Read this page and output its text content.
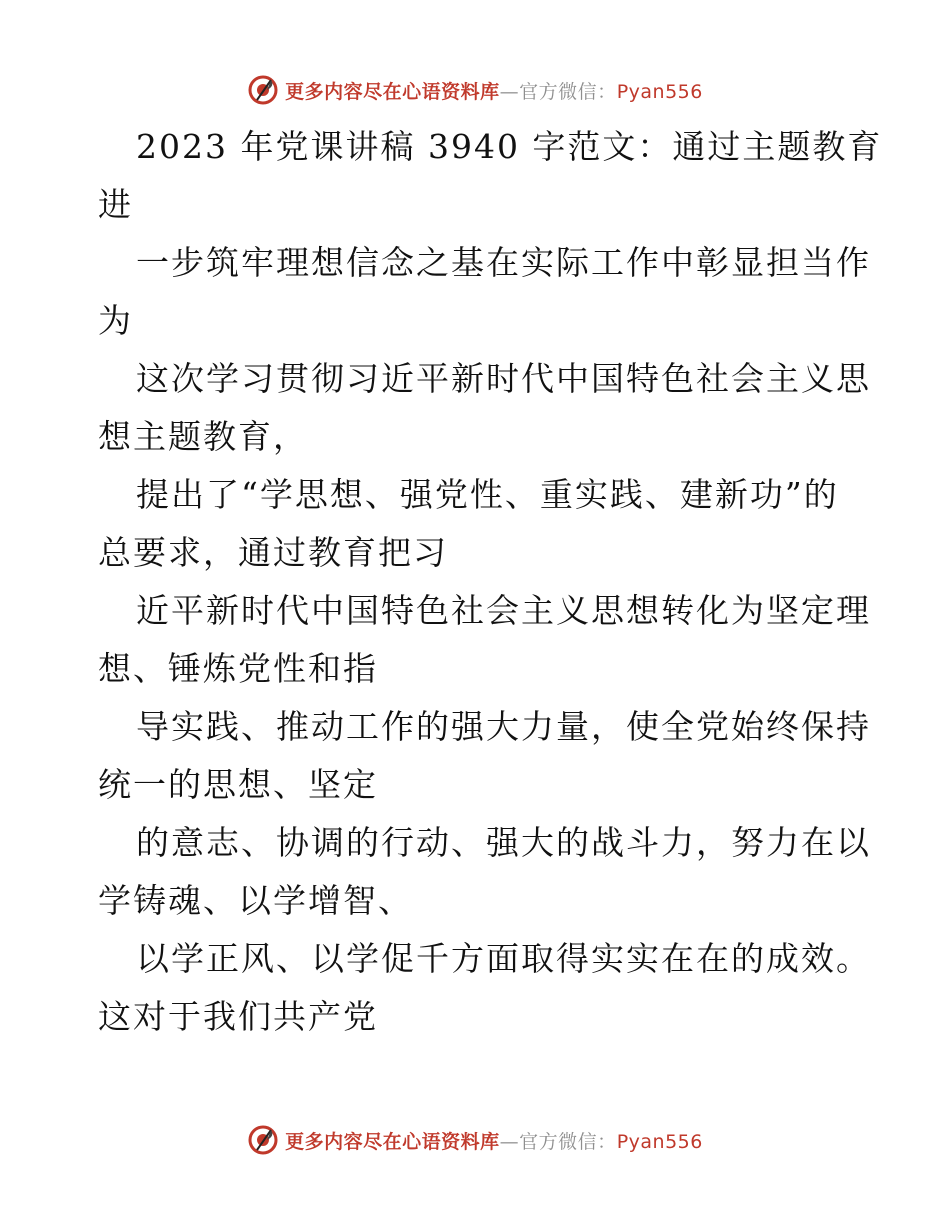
更多内容尽在心语资料库—官方微信：Pyan556
2023 年党课讲稿 3940 字范文：通过主题教育
进
一步筑牢理想信念之基在实际工作中彰显担当作
为
这次学习贯彻习近平新时代中国特色社会主义思
想主题教育，
提出了“学思想、强党性、重实践、建新功”的
总要求，通过教育把习
近平新时代中国特色社会主义思想转化为坚定理
想、锤炼党性和指
导实践、推动工作的强大力量，使全党始终保持
统一的思想、坚定
的意志、协调的行动、强大的战斗力，努力在以
学铸魂、以学增智、
以学正风、以学促千方面取得实实在在的成效。
这对于我们共产党
更多内容尽在心语资料库—官方微信：Pyan556
